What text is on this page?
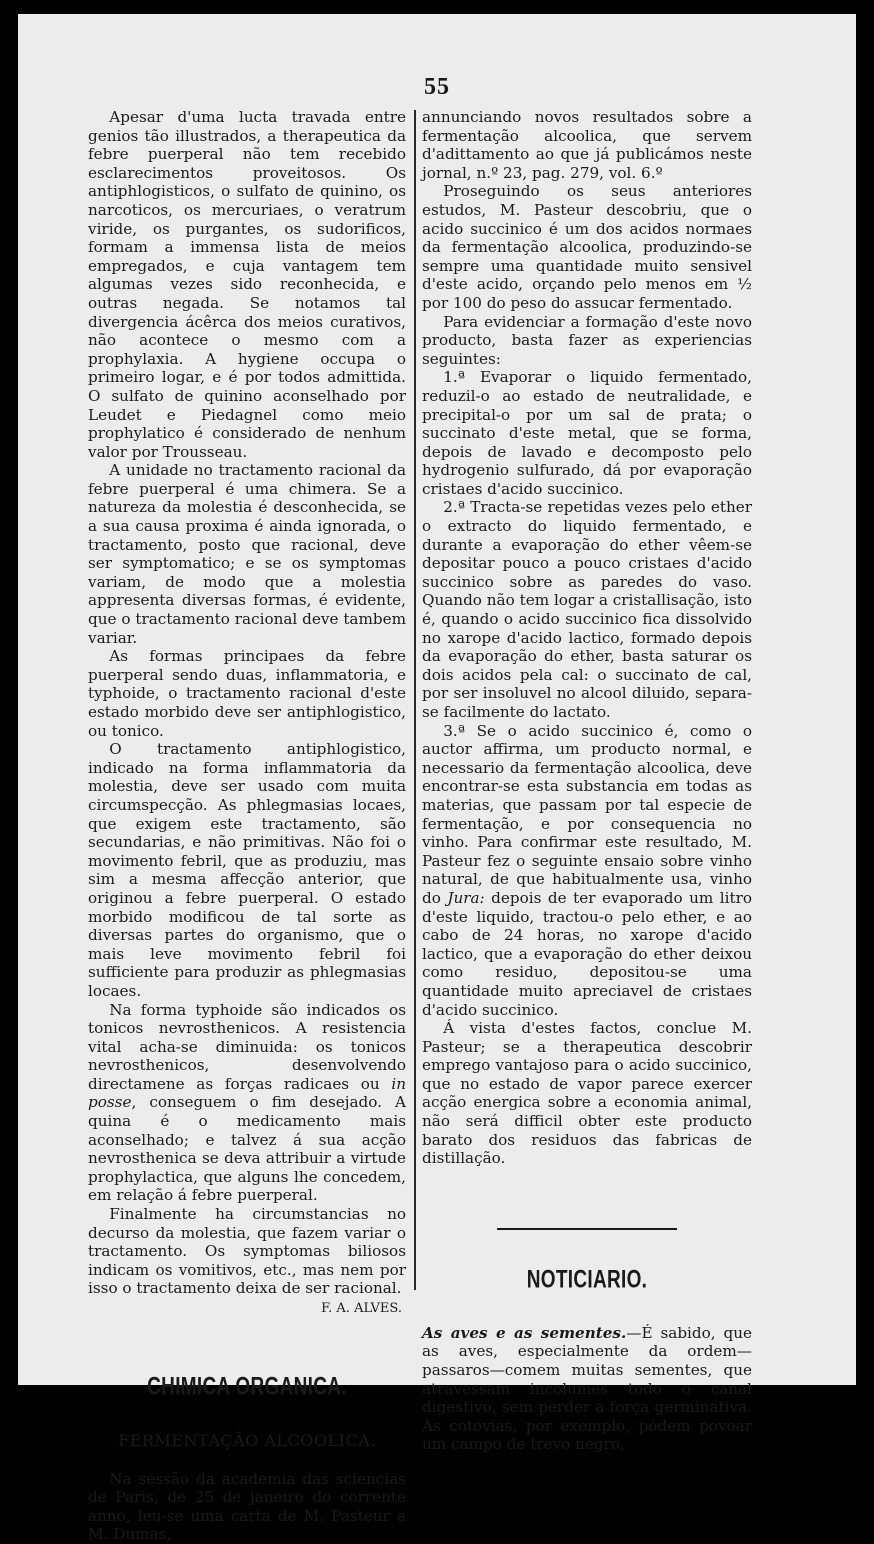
55

Apesar d'uma lucta travada entre genios tão illustrados, a therapeutica da febre puerperal não tem recebido esclarecimentos proveitosos. Os antiphlogisticos, o sulfato de quinino, os narcoticos, os mercuriaes, o veratrum viride, os purgantes, os sudorificos, formam a immensa lista de meios empregados, e cuja vantagem tem algumas vezes sido reconhecida, e outras negada. Se notamos tal divergencia ácêrca dos meios curativos, não acontece o mesmo com a prophylaxia. A hygiene occupa o primeiro logar, e é por todos admittida. O sulfato de quinino aconselhado por Leudet e Piedagnel como meio prophylatico é considerado de nenhum valor por Trousseau.

A unidade no tractamento racional da febre puerperal é uma chimera. Se a natureza da molestia é desconhecida, se a sua causa proxima é ainda ignorada, o tractamento, posto que racional, deve ser symptomatico; e se os symptomas variam, de modo que a molestia appresenta diversas formas, é evidente, que o tractamento racional deve tambem variar.

As formas principaes da febre puerperal sendo duas, inflammatoria, e typhoide, o tractamento racional d'este estado morbido deve ser antiphlogistico, ou tonico.

O tractamento antiphlogistico, indicado na forma inflammatoria da molestia, deve ser usado com muita circumspecção. As phlegmasias locaes, que exigem este tractamento, são secundarias, e não primitivas. Não foi o movimento febril, que as produziu, mas sim a mesma affecção anterior, que originou a febre puerperal. O estado morbido modificou de tal sorte as diversas partes do organismo, que o mais leve movimento febril foi sufficiente para produzir as phlegmasias locaes.

Na forma typhoide são indicados os tonicos nevrosthenicos. A resistencia vital acha-se diminuida: os tonicos nevrosthenicos, desenvolvendo directamene as forças radicaes ou in posse, conseguem o fim desejado. A quina é o medicamento mais aconselhado; e talvez á sua acção nevrosthenica se deva attribuir a virtude prophylactica, que alguns lhe concedem, em relação á febre puerperal.

Finalmente ha circumstancias no decurso da molestia, que fazem variar o tractamento. Os symptomas biliosos indicam os vomitivos, etc., mas nem por isso o tractamento deixa de ser racional.

F. A. ALVES.

CHIMICA ORGANICA.
FERMENTAÇÃO ALCOOLICA.

Na sessão da academia das sciencias de Paris, de 25 de janeiro do corrente anno, leu-se uma carta de M. Pasteur a M. Dumas,

annunciando novos resultados sobre a fermentação alcoolica, que servem d'adittamento ao que já publicámos neste jornal, n.º 23, pag. 279, vol. 6.º

Proseguindo os seus anteriores estudos, M. Pasteur descobriu, que o acido succinico é um dos acidos normaes da fermentação alcoolica, produzindo-se sempre uma quantidade muito sensivel d'este acido, orçando pelo menos em ½ por 100 do peso do assucar fermentado.

Para evidenciar a formação d'este novo producto, basta fazer as experiencias seguintes:

1.ª Evaporar o liquido fermentado, reduzil-o ao estado de neutralidade, e precipital-o por um sal de prata; o succinato d'este metal, que se forma, depois de lavado e decomposto pelo hydrogenio sulfurado, dá por evaporação cristaes d'acido succinico.

2.ª Tracta-se repetidas vezes pelo ether o extracto do liquido fermentado, e durante a evaporação do ether vêem-se depositar pouco a pouco cristaes d'acido succinico sobre as paredes do vaso. Quando não tem logar a cristallisação, isto é, quando o acido succinico fica dissolvido no xarope d'acido lactico, formado depois da evaporação do ether, basta saturar os dois acidos pela cal: o succinato de cal, por ser insoluvel no alcool diluido, separa-se facilmente do lactato.

3.ª Se o acido succinico é, como o auctor affirma, um producto normal, e necessario da fermentação alcoolica, deve encontrar-se esta substancia em todas as materias, que passam por tal especie de fermentação, e por consequencia no vinho. Para confirmar este resultado, M. Pasteur fez o seguinte ensaio sobre vinho natural, de que habitualmente usa, vinho do Jura: depois de ter evaporado um litro d'este liquido, tractou-o pelo ether, e ao cabo de 24 horas, no xarope d'acido lactico, que a evaporação do ether deixou como residuo, depositou-se uma quantidade muito apreciavel de cristaes d'acido succinico.

Á vista d'estes factos, conclue M. Pasteur; se a therapeutica descobrir emprego vantajoso para o acido succinico, que no estado de vapor parece exercer acção energica sobre a economia animal, não será difficil obter este producto barato dos residuos das fabricas de distillação.

NOTICIARIO.

As aves e as sementes.—É sabido, que as aves, especialmente da ordem—passaros—comem muitas sementes, que atravessam incolumes todo o canal digestivo, sem perder a força germinativa. As cotovias, por exemplo, pódem povoar um campo de trevo negro,
